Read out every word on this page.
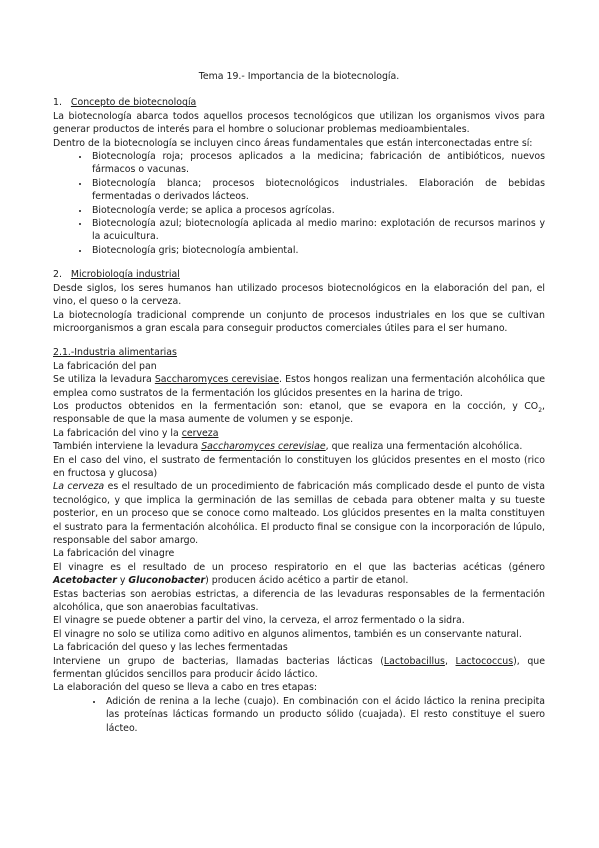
Tema 19.- Importancia de la biotecnología.
1. Concepto de biotecnología

La biotecnología abarca todos aquellos procesos tecnológicos que utilizan los organismos vivos para generar productos de interés para el hombre o solucionar problemas medioambientales.

Dentro de la biotecnología se incluyen cinco áreas fundamentales que están interconectadas entre sí:

• Biotecnología roja; procesos aplicados a la medicina; fabricación de antibióticos, nuevos fármacos o vacunas.
• Biotecnología blanca; procesos biotecnológicos industriales. Elaboración de bebidas fermentadas o derivados lácteos.
• Biotecnología verde; se aplica a procesos agrícolas.
• Biotecnología azul; biotecnología aplicada al medio marino: explotación de recursos marinos y la acuicultura.
• Biotecnología gris; biotecnología ambiental.
2. Microbiología industrial

Desde siglos, los seres humanos han utilizado procesos biotecnológicos en la elaboración del pan, el vino, el queso o la cerveza.

La biotecnología tradicional comprende un conjunto de procesos industriales en los que se cultivan microorganismos a gran escala para conseguir productos comerciales útiles para el ser humano.

2.1.-Industria alimentarias
La fabricación del pan

Se utiliza la levadura Saccharomyces cerevisiae. Estos hongos realizan una fermentación alcohólica que emplea como sustratos de la fermentación los glúcidos presentes en la harina de trigo.

Los productos obtenidos en la fermentación son: etanol, que se evapora en la cocción, y $CO_2$, responsable de que la masa aumente de volumen y se esponje.

La fabricación del vino y la cerveza

También interviene la levadura Saccharomyces cerevisiae, que realiza una fermentación alcohólica.

En el caso del vino, el sustrato de fermentación lo constituyen los glúcidos presentes en el mosto (rico en fructosa y glucosa)

La cerveza es el resultado de un procedimiento de fabricación más complicado desde el punto de vista tecnológico, y que implica la germinación de las semillas de cebada para obtener malta y su tueste posterior, en un proceso que se conoce como malteado. Los glúcidos presentes en la malta constituyen el sustrato para la fermentación alcohólica. El producto final se consigue con la incorporación de lúpulo, responsable del sabor amargo.

La fabricación del vinagre

El vinagre es el resultado de un proceso respiratorio en el que las bacterias acéticas (género Acetobacter y Gluconobacter) producen ácido acético a partir de etanol.

Estas bacterias son aerobias estrictas, a diferencia de las levaduras responsables de la fermentación alcohólica, que son anaerobias facultativas.

El vinagre se puede obtener a partir del vino, la cerveza, el arroz fermentado o la sidra.

El vinagre no solo se utiliza como aditivo en algunos alimentos, también es un conservante natural.

La fabricación del queso y las leches fermentadas

Interviene un grupo de bacterias, llamadas bacterias lácticas (Lactobacillus, Lactococcus), que fermentan glúcidos sencillos para producir ácido láctico.

La elaboración del queso se lleva a cabo en tres etapas:

• Adición de renina a la leche (cuajo). En combinación con el ácido láctico la renina precipita las proteínas lácticas formando un producto sólido (cuajada). El resto constituye el suero lácteo.
